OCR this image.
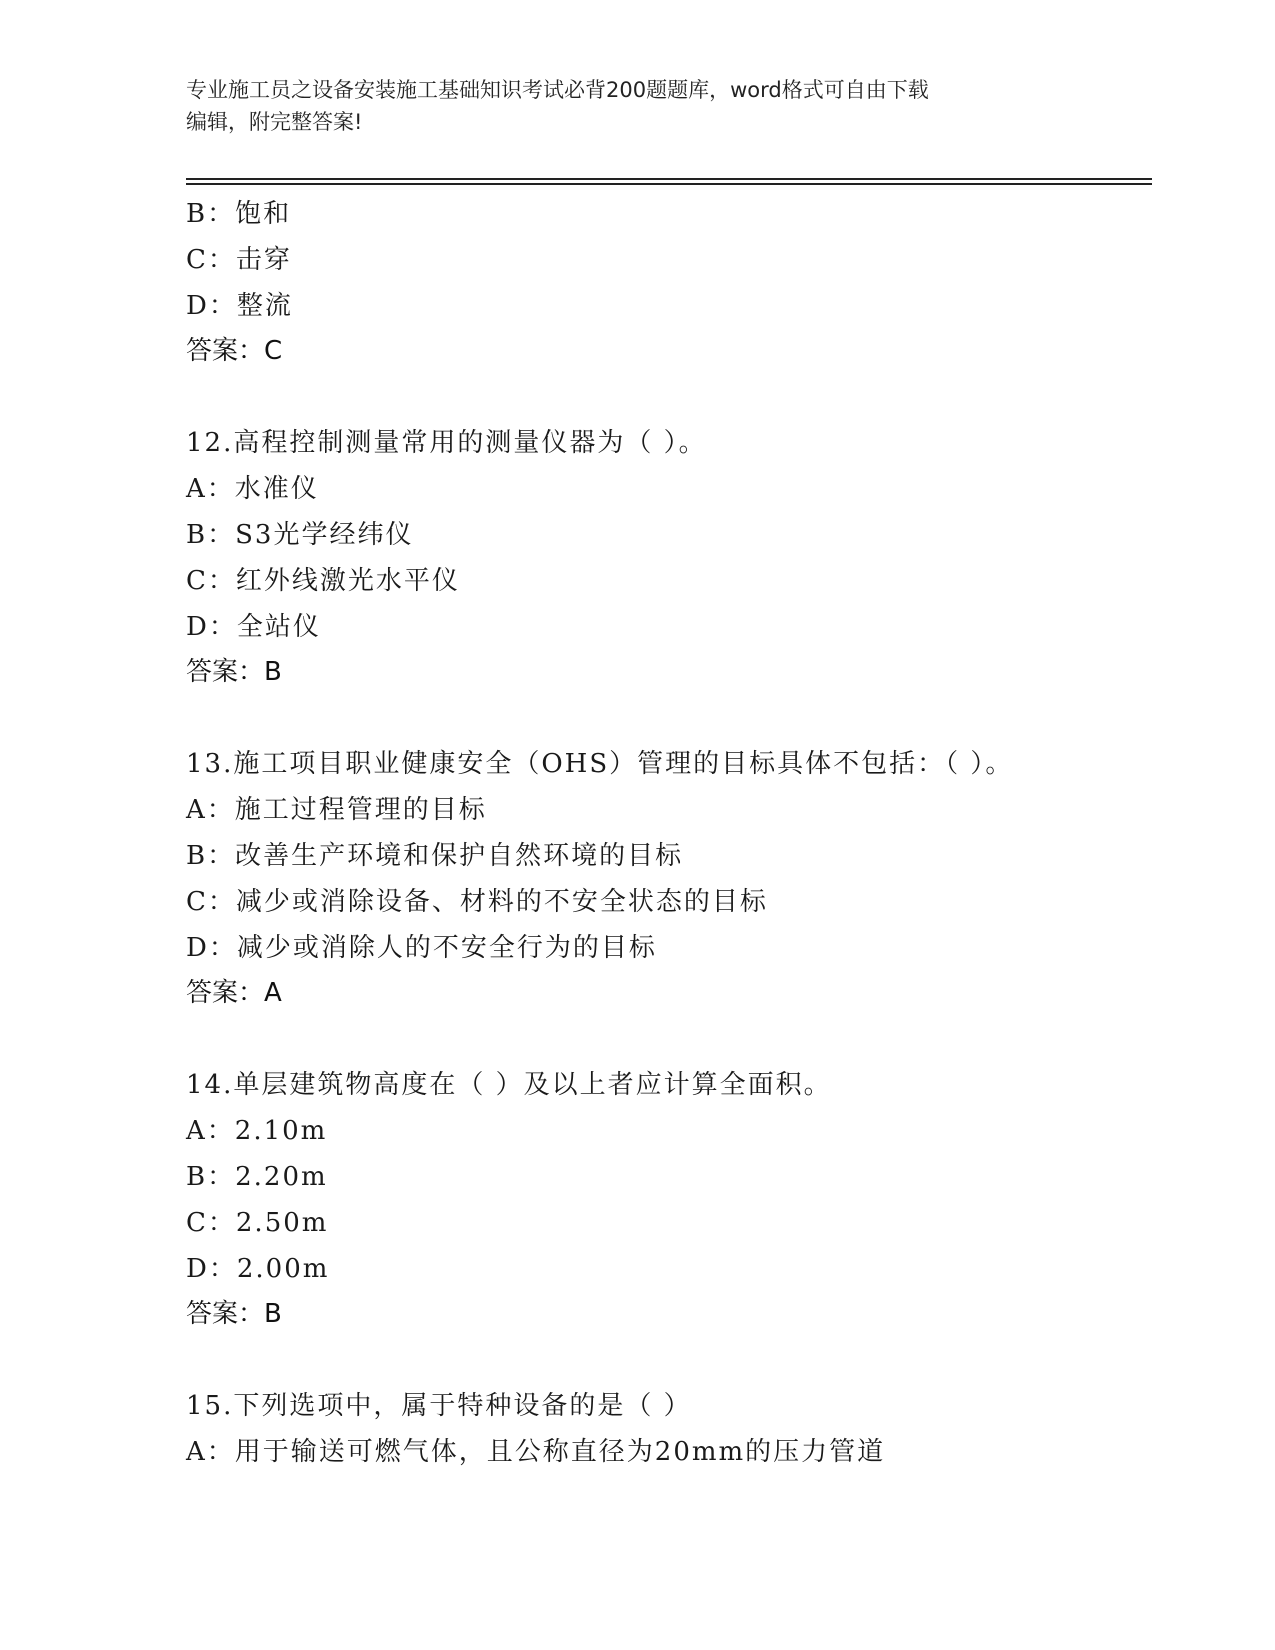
专业施工员之设备安装施工基础知识考试必背200题题库，word格式可自由下载
编辑，附完整答案!
B：饱和
C：击穿
D：整流
答案：C
12.高程控制测量常用的测量仪器为（ ）。
A：水准仪
B：S3光学经纬仪
C：红外线激光水平仪
D：全站仪
答案：B
13.施工项目职业健康安全（OHS）管理的目标具体不包括：（ ）。
A：施工过程管理的目标
B：改善生产环境和保护自然环境的目标
C：减少或消除设备、材料的不安全状态的目标
D：减少或消除人的不安全行为的目标
答案：A
14.单层建筑物高度在（ ）及以上者应计算全面积。
A：2.10m
B：2.20m
C：2.50m
D：2.00m
答案：B
15.下列选项中，属于特种设备的是（ ）
A：用于输送可燃气体，且公称直径为20mm的压力管道
